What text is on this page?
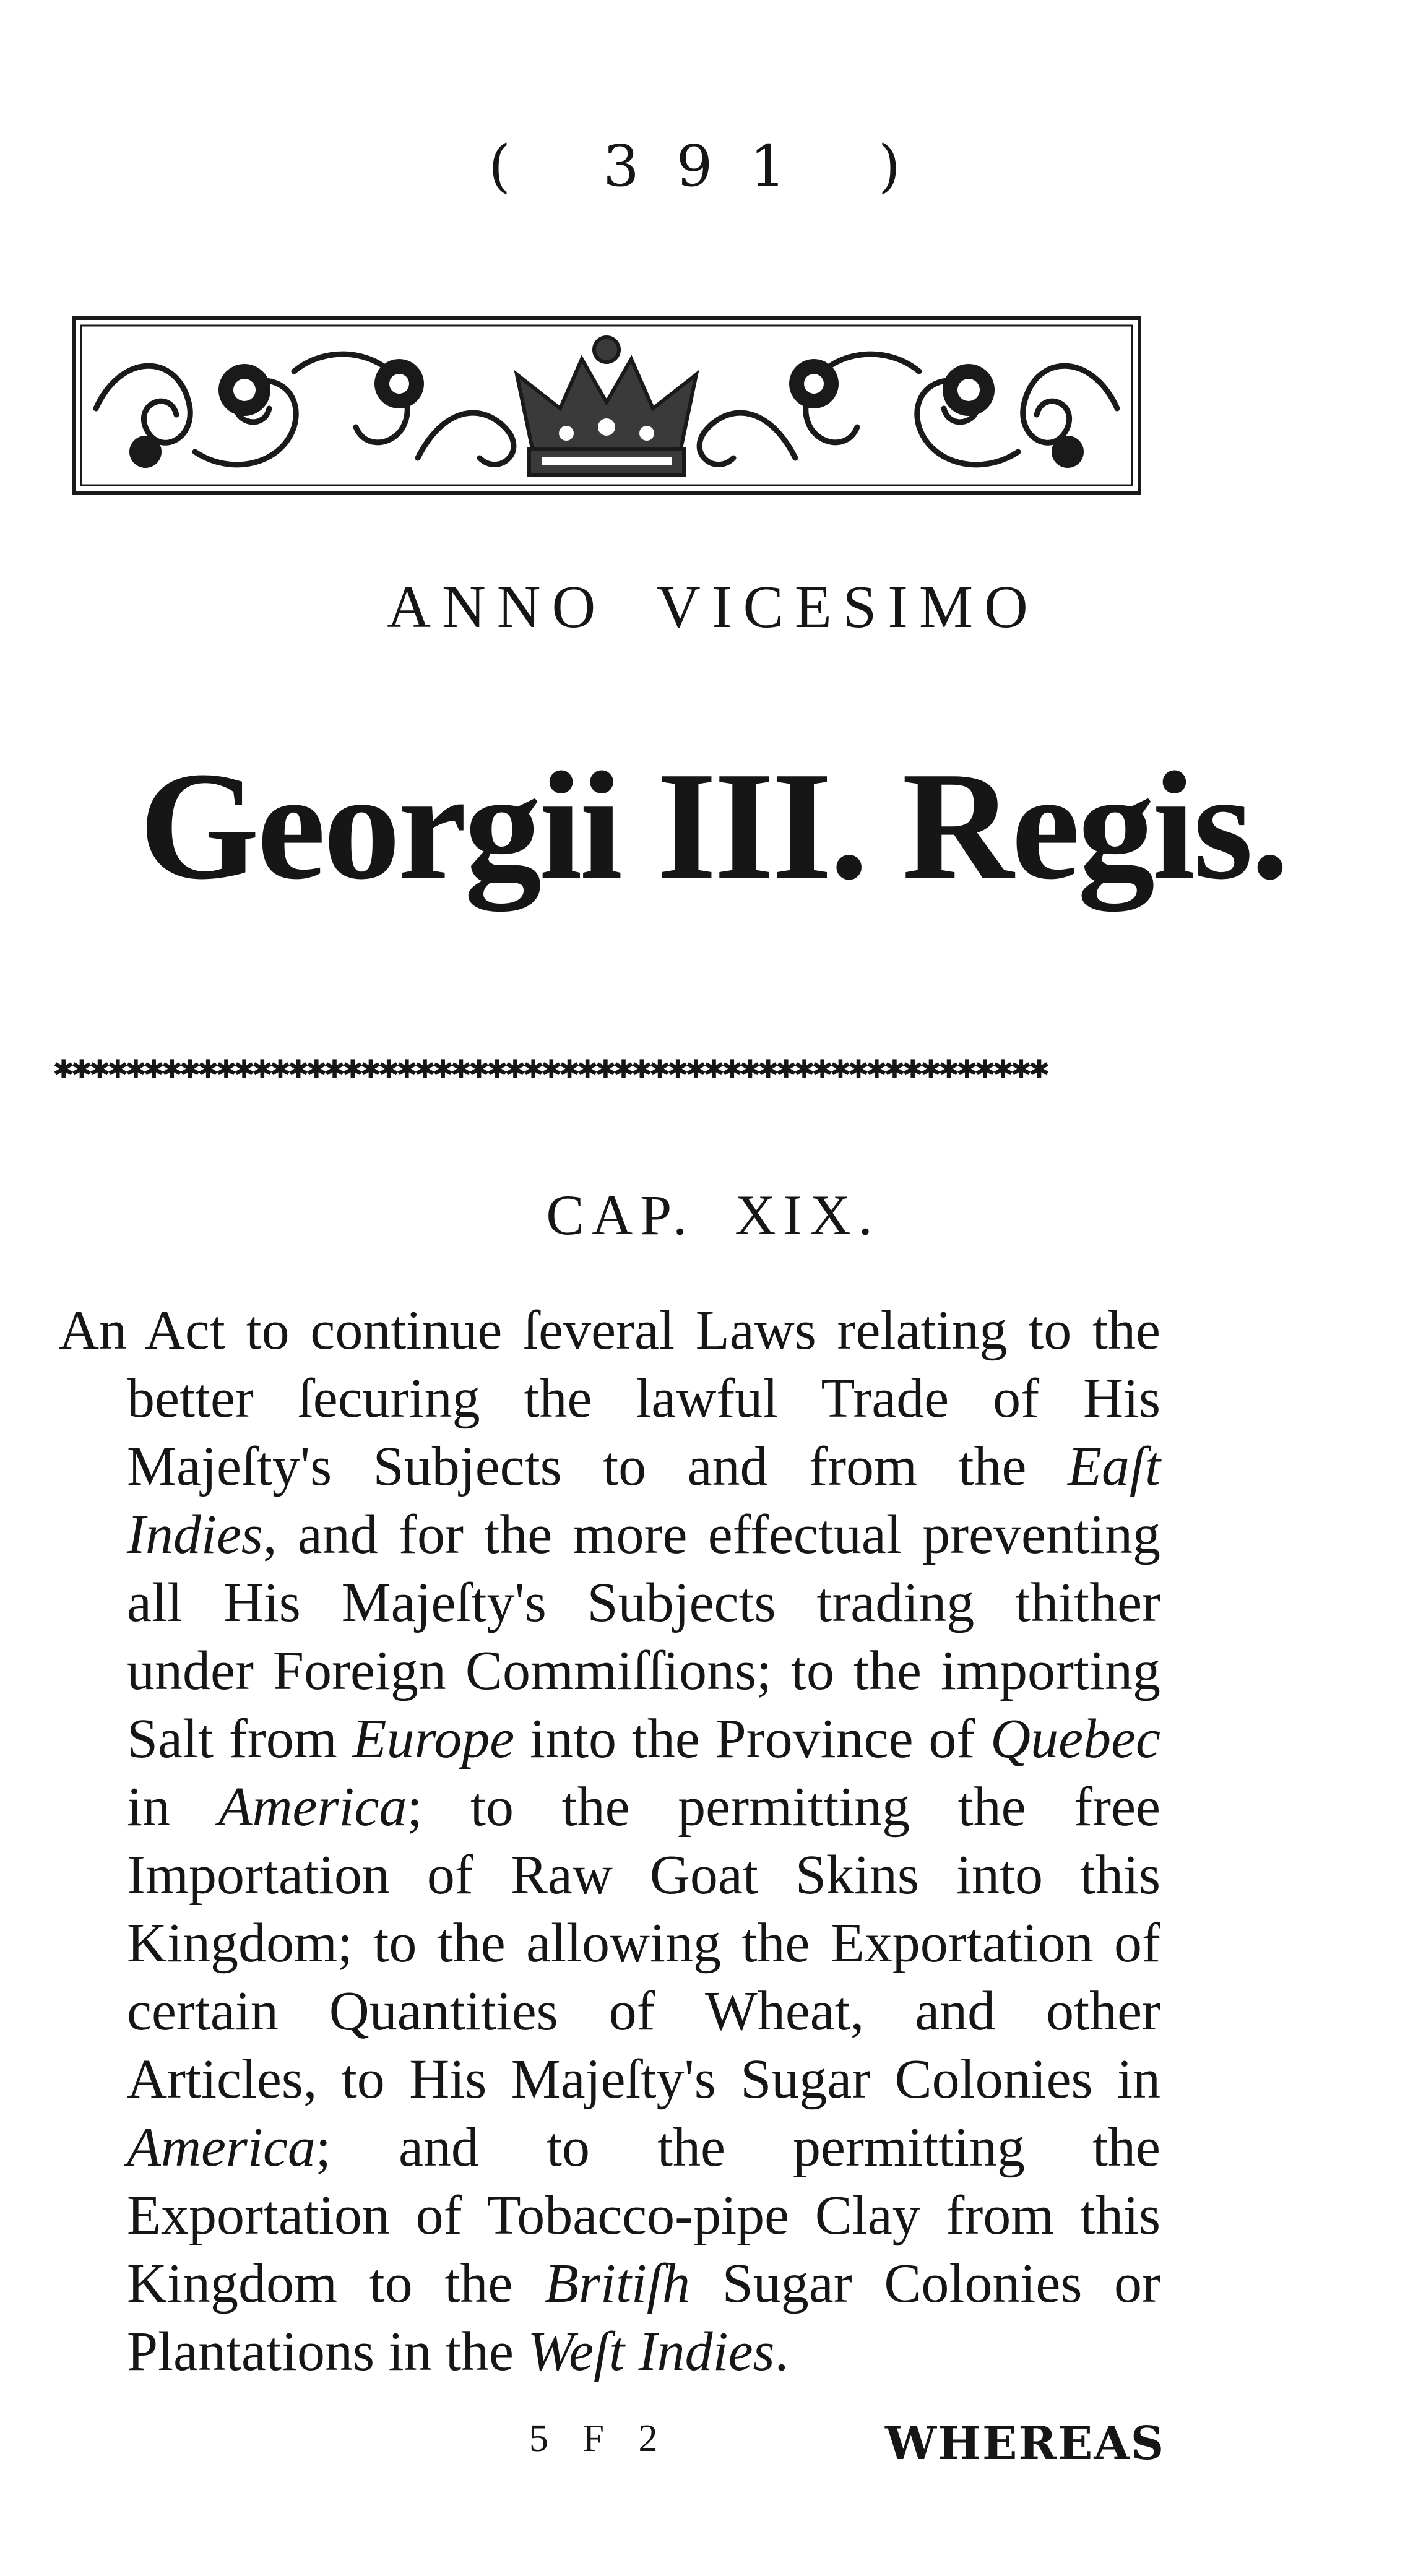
( 391 )
ANNO VICESIMO
Georgii III. Regis.
✱✱✱✱✱✱✱✱✱✱✱✱✱✱✱✱✱✱✱✱✱✱✱✱✱✱✱✱✱✱✱✱✱✱✱✱✱✱✱✱✱✱✱✱✱✱✱✱✱✱✱✱✱✱✱
CAP. XIX.
An Act to continue ſeveral Laws relating to the better ſecuring the lawful Trade of His Majeſty's Subjects to and from the Eaſt Indies, and for the more effectual preventing all His Majeſty's Subjects trading thither under Foreign Commiſſions; to the importing Salt from Europe into the Province of Quebec in America; to the permitting the free Importation of Raw Goat Skins into this Kingdom; to the allowing the Exportation of certain Quantities of Wheat, and other Articles, to His Majeſty's Sugar Colonies in America; and to the permitting the Exportation of Tobacco-pipe Clay from this Kingdom to the Britiſh Sugar Colonies or Plantations in the Weſt Indies.
5 F 2	WHEREAS
